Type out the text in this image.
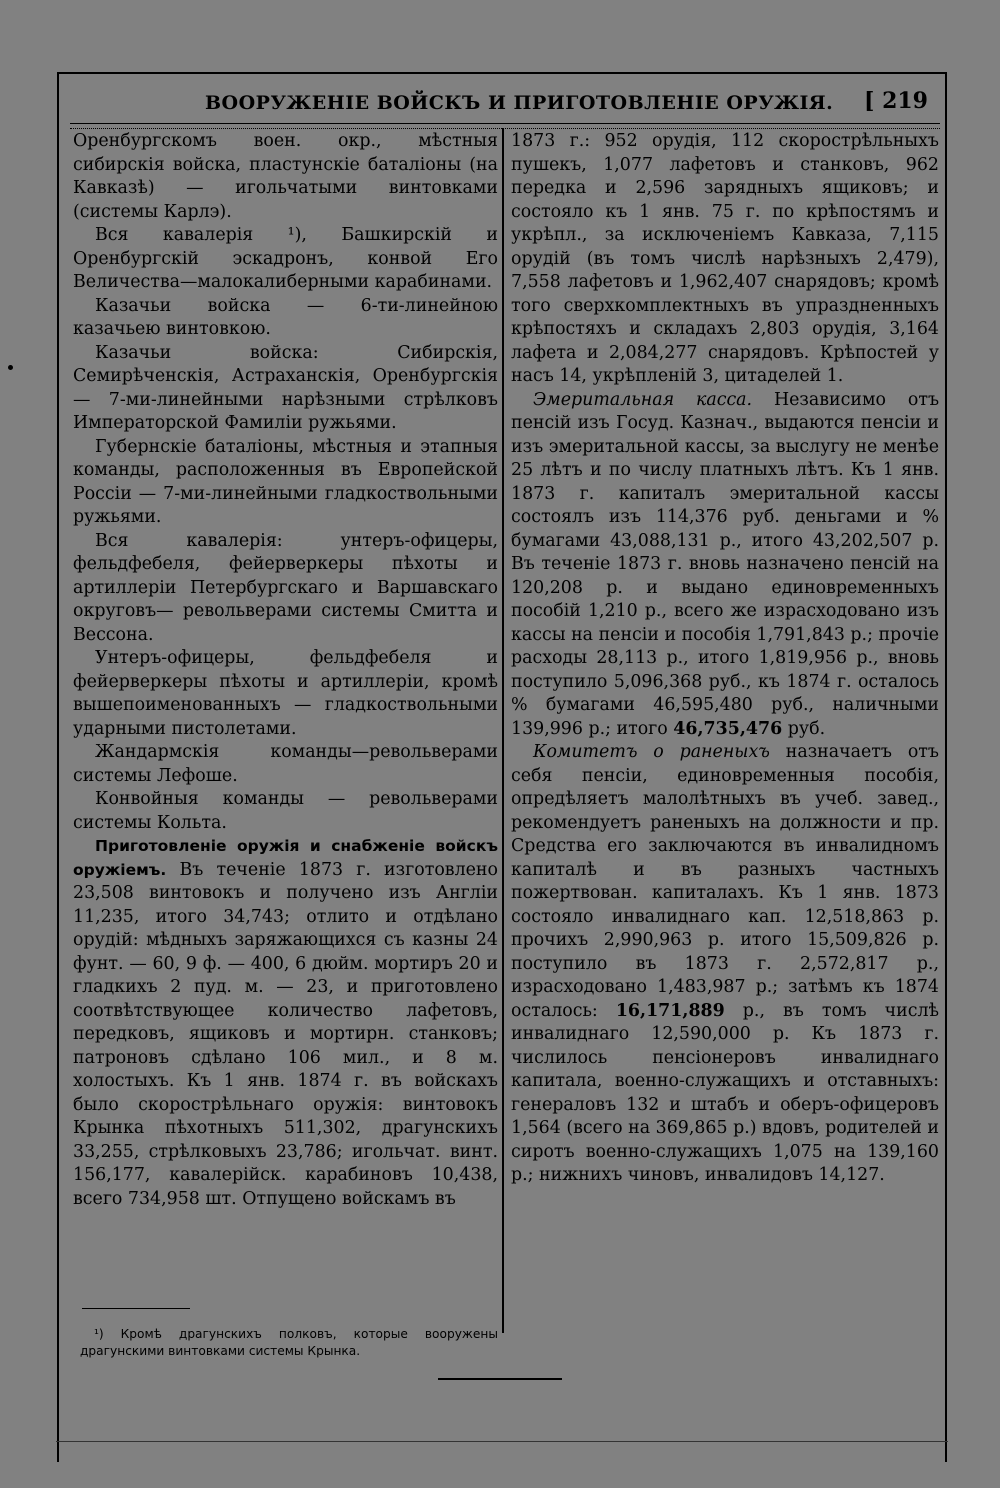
ВООРУЖЕНІЕ ВОЙСКЪ И ПРИГОТОВЛЕНІЕ ОРУЖІЯ. [ 219

Оренбургскомъ воен. окр., мѣстныя сибирскія войска, пластунскіе баталіоны (на Кавказѣ) — игольчатыми винтовками (системы Карлэ).

Вся кавалерія ¹), Башкирскій и Оренбургскій эскадронъ, конвой Его Величества—малокалиберными карабинами.

Казачьи войска — 6-ти-линейною казачьею винтовкою.

Казачьи войска: Сибирскія, Семирѣченскія, Астраханскія, Оренбургскія — 7-ми-линейными нарѣзными стрѣлковъ Императорской Фамиліи ружьями.

Губернскіе баталіоны, мѣстныя и этапныя команды, расположенныя въ Европейской Россіи — 7-ми-линейными гладкоствольными ружьями.

Вся кавалерія: унтеръ-офицеры, фельдфебеля, фейерверкеры пѣхоты и артиллеріи Петербургскаго и Варшавскаго округовъ— револьверами системы Смитта и Вессона.

Унтеръ-офицеры, фельдфебеля и фейерверкеры пѣхоты и артиллеріи, кромѣ вышепоименованныхъ — гладкоствольными ударными пистолетами.

Жандармскія команды—револьверами системы Лефоше.

Конвойныя команды — револьверами системы Кольта.

Приготовленіе оружія и снабженіе войскъ оружіемъ. Въ теченіе 1873 г. изготовлено 23,508 винтовокъ и получено изъ Англіи 11,235, итого 34,743; отлито и отдѣлано орудій: мѣдныхъ заряжающихся съ казны 24 фунт. — 60, 9 ф. — 400, 6 дюйм. мортиръ 20 и гладкихъ 2 пуд. м. — 23, и приготовлено соотвѣтствующее количество лафетовъ, передковъ, ящиковъ и мортирн. станковъ; патроновъ сдѣлано 106 мил., и 8 м. холостыхъ. Къ 1 янв. 1874 г. въ войскахъ было скорострѣльнаго оружія: винтовокъ Крынка пѣхотныхъ 511,302, драгунскихъ 33,255, стрѣлковыхъ 23,786; игольчат. винт. 156,177, кавалерійск. карабиновъ 10,438, всего 734,958 шт. Отпущено войскамъ въ

¹) Кромѣ драгунскихъ полковъ, которые вооружены драгунскими винтовками системы Крынка.

1873 г.: 952 орудія, 112 скорострѣльныхъ пушекъ, 1,077 лафетовъ и станковъ, 962 передка и 2,596 зарядныхъ ящиковъ; и состояло къ 1 янв. 75 г. по крѣпостямъ и укрѣпл., за исключеніемъ Кавказа, 7,115 орудій (въ томъ числѣ нарѣзныхъ 2,479), 7,558 лафетовъ и 1,962,407 снарядовъ; кромѣ того сверхкомплектныхъ въ упраздненныхъ крѣпостяхъ и складахъ 2,803 орудія, 3,164 лафета и 2,084,277 снарядовъ. Крѣпостей у насъ 14, укрѣпленій 3, цитаделей 1.

Эмеритальная касса. Независимо отъ пенсій изъ Госуд. Казнач., выдаются пенсіи и изъ эмеритальной кассы, за выслугу не менѣе 25 лѣтъ и по числу платныхъ лѣтъ. Къ 1 янв. 1873 г. капиталъ эмеритальной кассы состоялъ изъ 114,376 руб. деньгами и % бумагами 43,088,131 р., итого 43,202,507 р. Въ теченіе 1873 г. вновь назначено пенсій на 120,208 р. и выдано единовременныхъ пособій 1,210 р., всего же израсходовано изъ кассы на пенсіи и пособія 1,791,843 р.; прочіе расходы 28,113 р., итого 1,819,956 р., вновь поступило 5,096,368 руб., къ 1874 г. осталось % бумагами 46,595,480 руб., наличными 139,996 р.; итого 46,735,476 руб.

Комитетъ о раненыхъ назначаетъ отъ себя пенсіи, единовременныя пособія, опредѣляетъ малолѣтныхъ въ учеб. завед., рекомендуетъ раненыхъ на должности и пр. Средства его заключаются въ инвалидномъ капиталѣ и въ разныхъ частныхъ пожертвован. капиталахъ. Къ 1 янв. 1873 состояло инвалиднаго кап. 12,518,863 р. прочихъ 2,990,963 р. итого 15,509,826 р. поступило въ 1873 г. 2,572,817 р., израсходовано 1,483,987 р.; затѣмъ къ 1874 осталось: 16,171,889 р., въ томъ числѣ инвалиднаго 12,590,000 р. Къ 1873 г. числилось пенсіонеровъ инвалиднаго капитала, военно-служащихъ и отставныхъ: генераловъ 132 и штабъ и оберъ-офицеровъ 1,564 (всего на 369,865 р.) вдовъ, родителей и сиротъ военно-служащихъ 1,075 на 139,160 р.; нижнихъ чиновъ, инвалидовъ 14,127.
